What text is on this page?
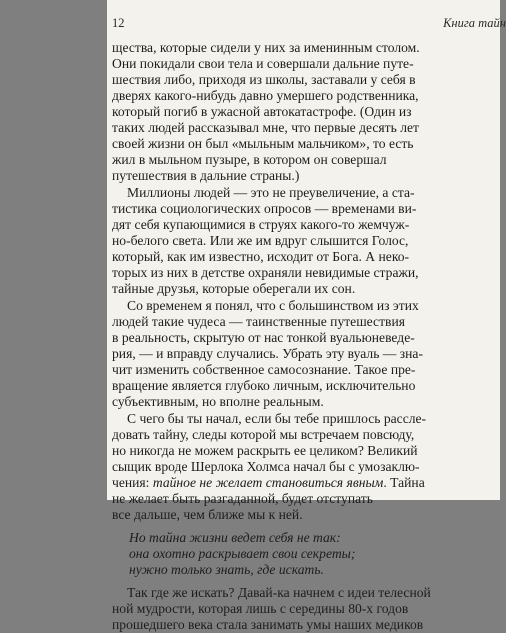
12	Книга тайн
щества, которые сидели у них за именинным столом.
Они покидали свои тела и совершали дальние путе-
шествия либо, приходя из школы, заставали у себя в
дверях какого-нибудь давно умершего родственника,
который погиб в ужасной автокатастрофе. (Один из
таких людей рассказывал мне, что первые десять лет
своей жизни он был «мыльным мальчиком», то есть
жил в мыльном пузыре, в котором он совершал
путешествия в дальние страны.)
Миллионы людей — это не преувеличение, а ста-
тистика социологических опросов — временами ви-
дят себя купающимися в струях какого-то жемчуж-
но-белого света. Или же им вдруг слышится Голос,
который, как им известно, исходит от Бога. А неко-
торых из них в детстве охраняли невидимые стражи,
тайные друзья, которые оберегали их сон.
Со временем я понял, что с большинством из этих
людей такие чудеса — таинственные путешествия
в реальность, скрытую от нас тонкой вуальюневеде-
рия, — и вправду случались. Убрать эту вуаль — зна-
чит изменить собственное самосознание. Такое пре-
вращение является глубоко личным, исключительно
субъективным, но вполне реальным.
С чего бы ты начал, если бы тебе пришлось рассле-
довать тайну, следы которой мы встречаем повсюду,
но никогда не можем раскрыть ее целиком? Великий
сыщик вроде Шерлока Холмса начал бы с умозаклю-
чения: тайное не желает становиться явным. Тайна
не желает быть разгаданной, будет отступать
все дальше, чем ближе мы к ней.
Но тайна жизни ведет себя не так:
она охотно раскрывает свои секреты;
нужно только знать, где искать.
Так где же искать? Давай-ка начнем с идеи телесной
ной мудрости, которая лишь с середины 80-х годов
прошедшего века стала занимать умы наших медиков
